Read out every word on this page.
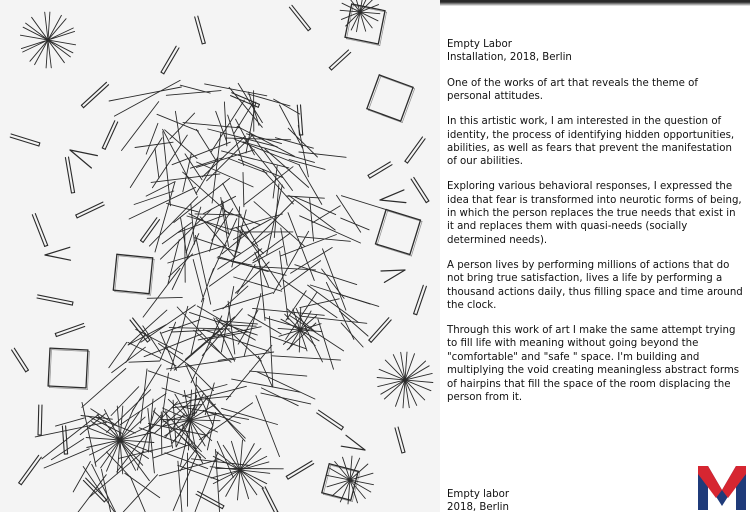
Empty Labor
Installation, 2018, Berlin

One of the works of art that reveals the theme of personal attitudes.

In this artistic work, I am interested in the question of identity, the process of identifying hidden opportunities, abilities, as well as fears that prevent the manifestation of our abilities.

Exploring various behavioral responses, I expressed the idea that fear is transformed into neurotic forms of being, in which the person replaces the true needs that exist in it and replaces them with quasi-needs (socially determined needs).

A person lives by performing millions of actions that do not bring true satisfaction, lives a life by performing a thousand actions daily, thus filling space and time around the clock.

Through this work of art I make the same attempt trying to fill life with meaning without going beyond the "comfortable" and "safe " space. I'm building and multiplying the void creating meaningless abstract forms of hairpins that fill the space of the room displacing the person from it.

Empty labor
2018, Berlin
